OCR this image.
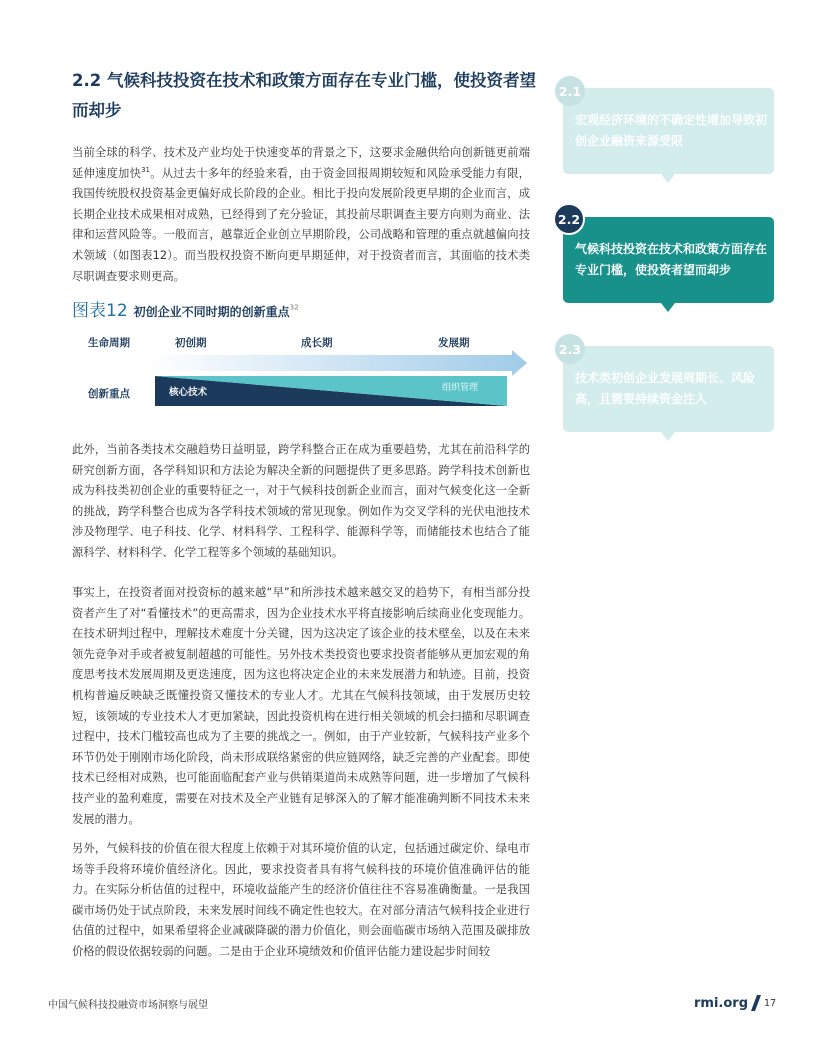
2.2 气候科技投资在技术和政策方面存在专业门槛，使投资者望而却步

当前全球的科学、技术及产业均处于快速变革的背景之下，这要求金融供给向创新链更前端延伸速度加快$^{31}$。从过去十多年的经验来看，由于资金回报周期较短和风险承受能力有限，我国传统股权投资基金更偏好成长阶段的企业。相比于投向发展阶段更早期的企业而言，成长期企业技术成果相对成熟，已经得到了充分验证，其投前尽职调查主要方向则为商业、法律和运营风险等。一般而言，越靠近企业创立早期阶段，公司战略和管理的重点就越偏向技术领域（如图表12）。而当股权投资不断向更早期延伸，对于投资者而言，其面临的技术类尽职调查要求则更高。

图表12 初创企业不同时期的创新重点$^{32}$
生命周期	初创期	成长期	发展期
创新重点	核心技术	组织管理

此外，当前各类技术交融趋势日益明显，跨学科整合正在成为重要趋势，尤其在前沿科学的研究创新方面，各学科知识和方法论为解决全新的问题提供了更多思路。跨学科技术创新也成为科技类初创企业的重要特征之一，对于气候科技创新企业而言，面对气候变化这一全新的挑战，跨学科整合也成为各学科技术领域的常见现象。例如作为交叉学科的光伏电池技术涉及物理学、电子科技、化学、材料科学、工程科学、能源科学等，而储能技术也结合了能源科学、材料科学、化学工程等多个领域的基础知识。

事实上，在投资者面对投资标的越来越“早”和所涉技术越来越交叉的趋势下，有相当部分投资者产生了对“看懂技术”的更高需求，因为企业技术水平将直接影响后续商业化变现能力。在技术研判过程中，理解技术难度十分关键，因为这决定了该企业的技术壁垒，以及在未来领先竞争对手或者被复制超越的可能性。另外技术类投资也要求投资者能够从更加宏观的角度思考技术发展周期及更迭速度，因为这也将决定企业的未来发展潜力和轨迹。目前，投资机构普遍反映缺乏既懂投资又懂技术的专业人才。尤其在气候科技领域，由于发展历史较短，该领域的专业技术人才更加紧缺，因此投资机构在进行相关领域的机会扫描和尽职调查过程中，技术门槛较高也成为了主要的挑战之一。例如，由于产业较新，气候科技产业多个环节仍处于刚刚市场化阶段，尚未形成联络紧密的供应链网络，缺乏完善的产业配套。即使技术已经相对成熟，也可能面临配套产业与供销渠道尚未成熟等问题，进一步增加了气候科技产业的盈利难度，需要在对技术及全产业链有足够深入的了解才能准确判断不同技术未来发展的潜力。

另外，气候科技的价值在很大程度上依赖于对其环境价值的认定，包括通过碳定价、绿电市场等手段将环境价值经济化。因此，要求投资者具有将气候科技的环境价值准确评估的能力。在实际分析估值的过程中，环境收益能产生的经济价值往往不容易准确衡量。一是我国碳市场仍处于试点阶段，未来发展时间线不确定性也较大。在对部分清洁气候科技企业进行估值的过程中，如果希望将企业减碳降碳的潜力价值化，则会面临碳市场纳入范围及碳排放价格的假设依据较弱的问题。二是由于企业环境绩效和价值评估能力建设起步时间较

宏观经济环境的不确定性增加导致初创企业融资来源受限
2.1
气候科技投资在技术和政策方面存在专业门槛，使投资者望而却步
2.2
技术类初创企业发展周期长、风险高，且需要持续资金注入
2.3
中国气候科技投融资市场洞察与展望	rmi.org 17
